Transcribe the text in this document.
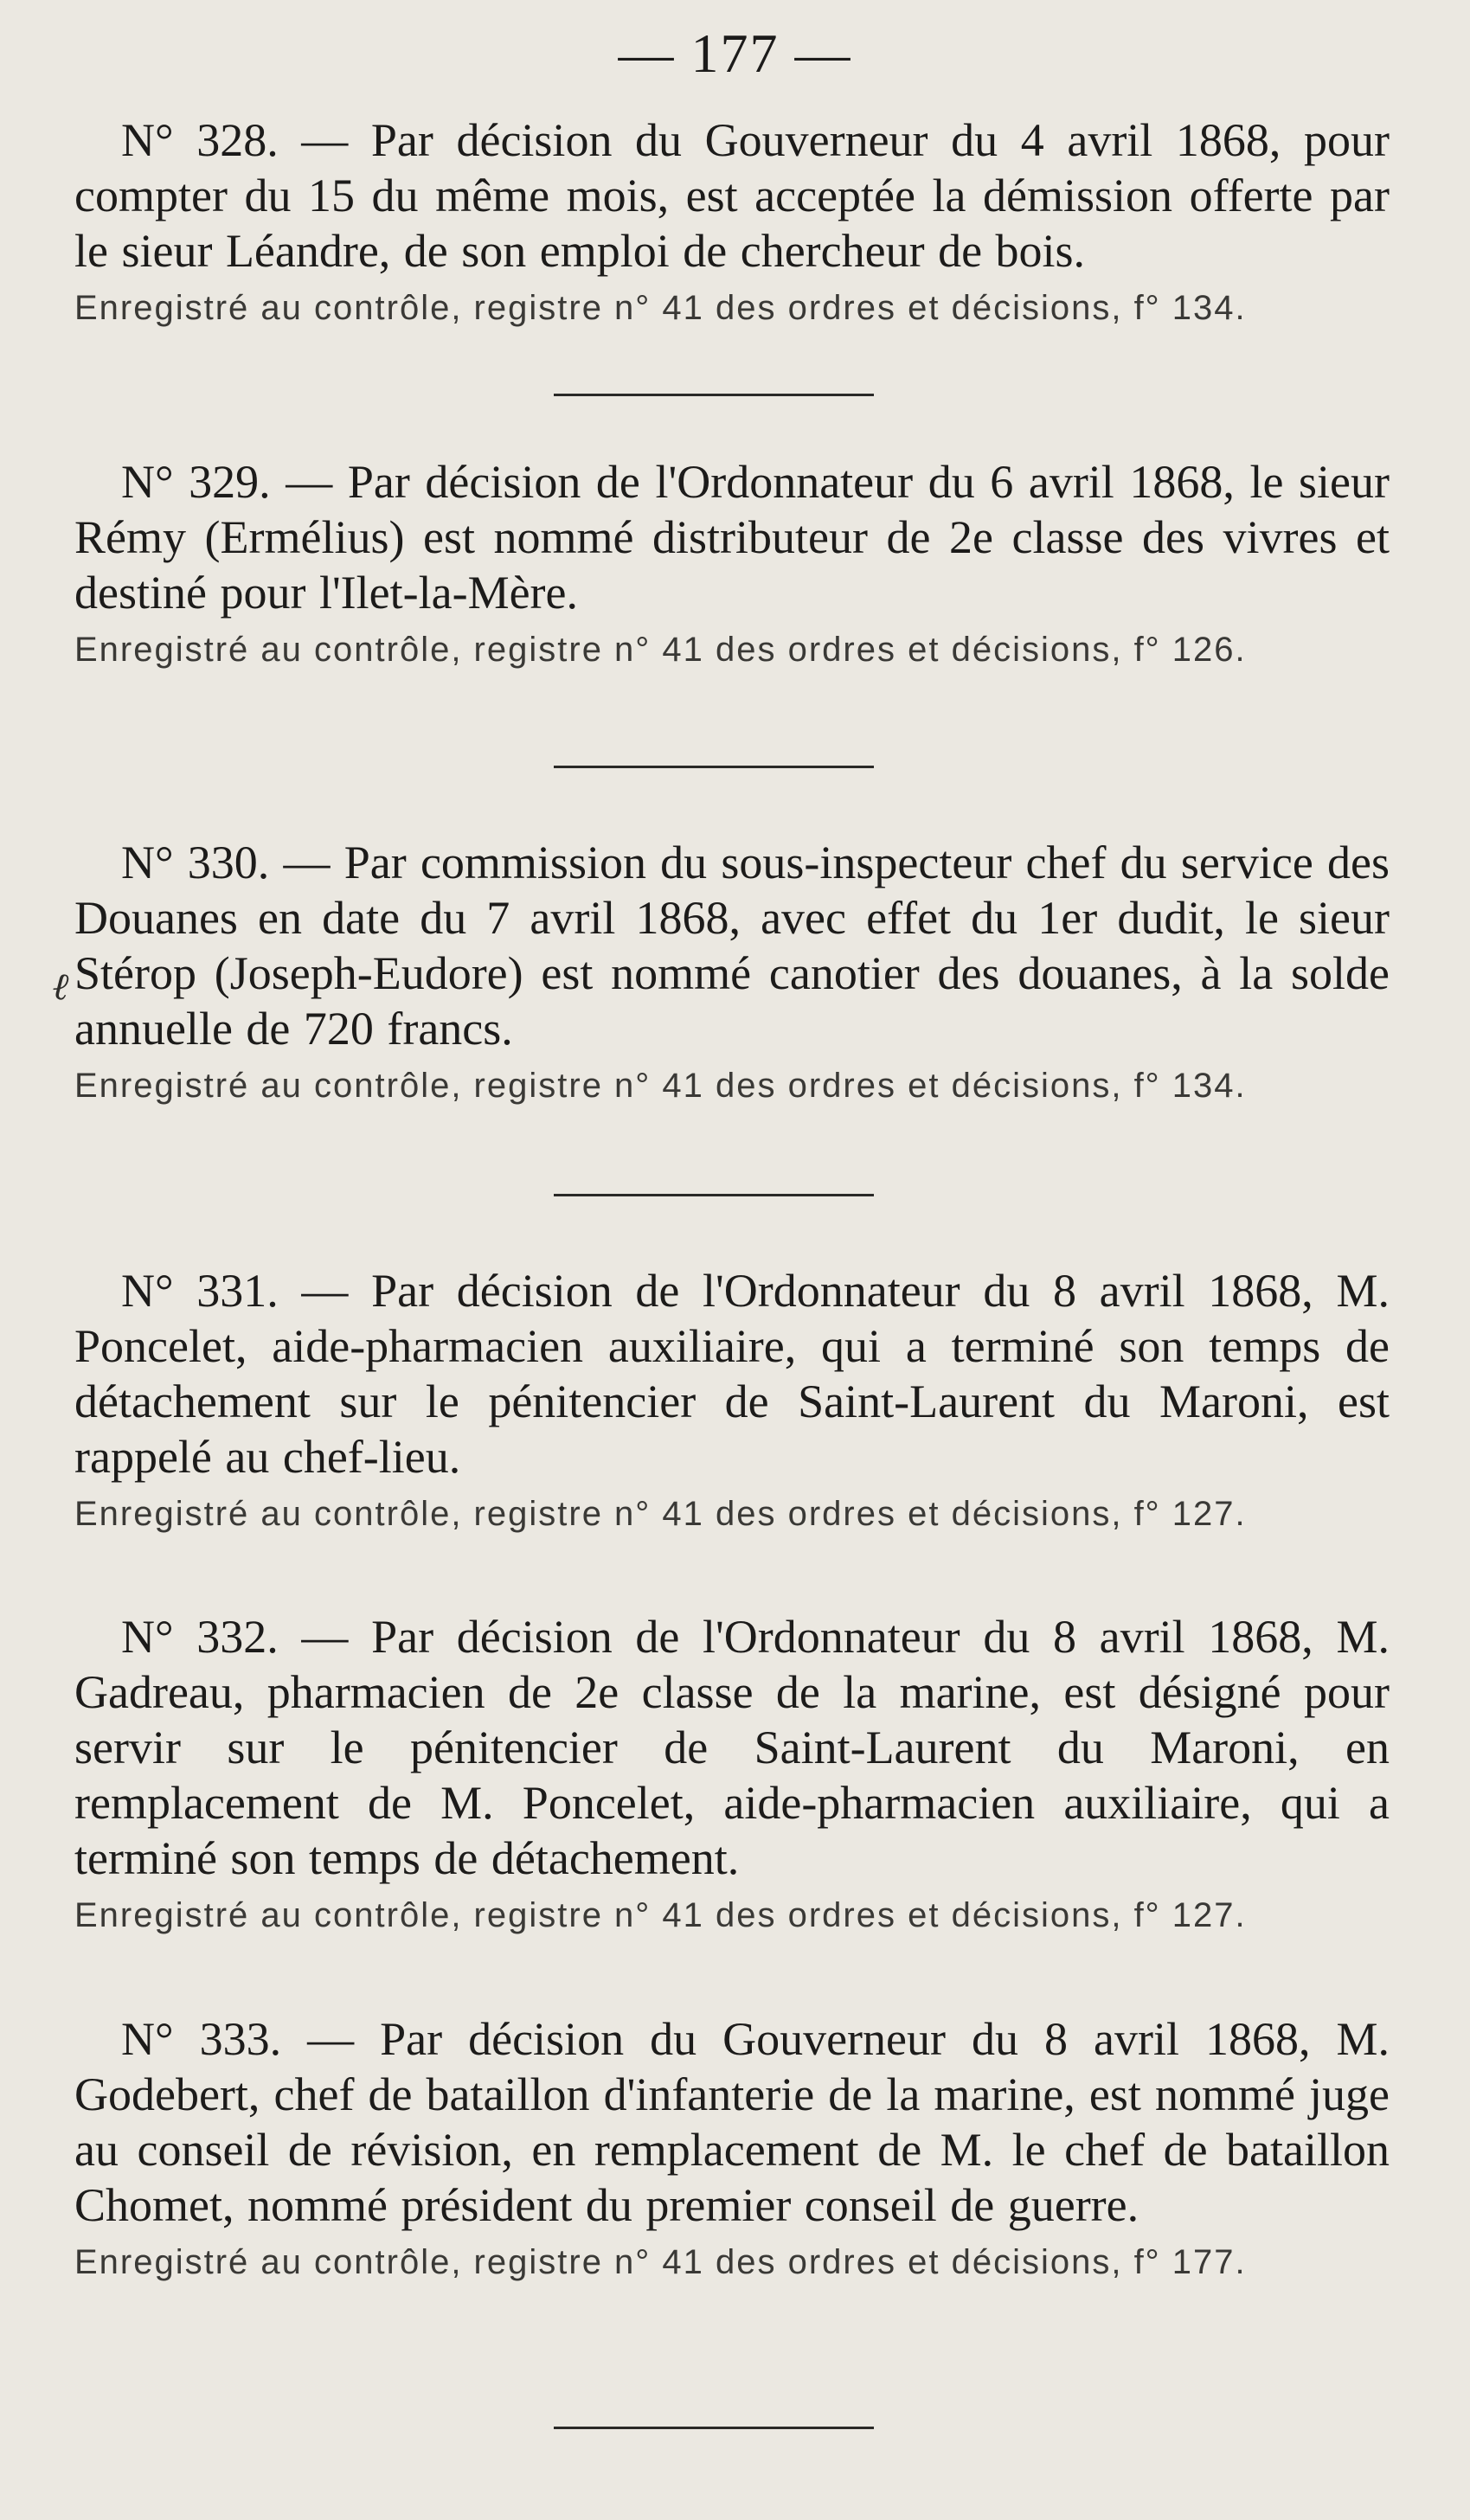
— 177 —

N° 328. — Par décision du Gouverneur du 4 avril 1868, pour compter du 15 du même mois, est acceptée la démission offerte par le sieur Léandre, de son emploi de chercheur de bois.

Enregistré au contrôle, registre n° 41 des ordres et décisions, f° 134.

N° 329. — Par décision de l'Ordonnateur du 6 avril 1868, le sieur Rémy (Ermélius) est nommé distributeur de 2e classe des vivres et destiné pour l'Ilet-la-Mère.

Enregistré au contrôle, registre n° 41 des ordres et décisions, f° 126.

N° 330. — Par commission du sous-inspecteur chef du service des Douanes en date du 7 avril 1868, avec effet du 1er dudit, le sieur Stérop (Joseph-Eudore) est nommé canotier des douanes, à la solde annuelle de 720 francs.

Enregistré au contrôle, registre n° 41 des ordres et décisions, f° 134.

ℓ

N° 331. — Par décision de l'Ordonnateur du 8 avril 1868, M. Poncelet, aide-pharmacien auxiliaire, qui a terminé son temps de détachement sur le pénitencier de Saint-Laurent du Maroni, est rappelé au chef-lieu.

Enregistré au contrôle, registre n° 41 des ordres et décisions, f° 127.

N° 332. — Par décision de l'Ordonnateur du 8 avril 1868, M. Gadreau, pharmacien de 2e classe de la marine, est désigné pour servir sur le pénitencier de Saint-Laurent du Maroni, en remplacement de M. Poncelet, aide-pharmacien auxiliaire, qui a terminé son temps de détachement.

Enregistré au contrôle, registre n° 41 des ordres et décisions, f° 127.

N° 333. — Par décision du Gouverneur du 8 avril 1868, M. Godebert, chef de bataillon d'infanterie de la marine, est nommé juge au conseil de révision, en remplacement de M. le chef de bataillon Chomet, nommé président du premier conseil de guerre.

Enregistré au contrôle, registre n° 41 des ordres et décisions, f° 177.
